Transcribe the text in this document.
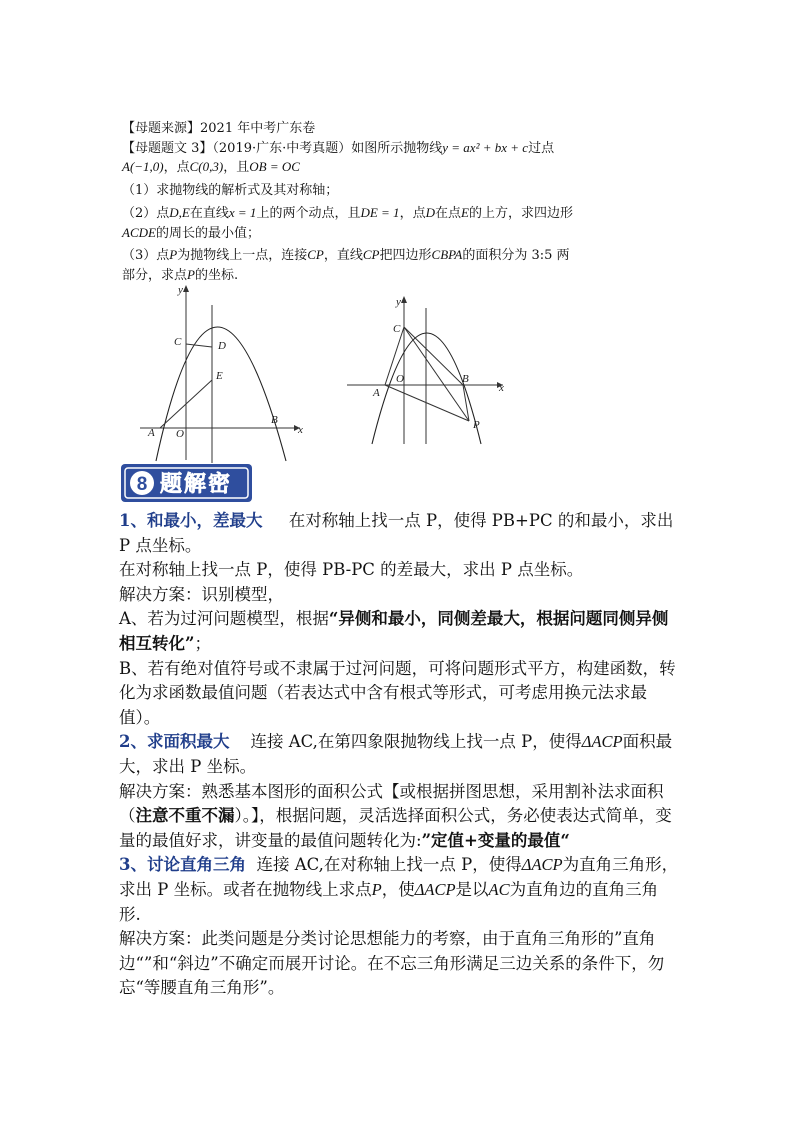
【母题来源】2021 年中考广东卷
【母题题文 3】（2019·广东·中考真题）如图所示抛物线y = ax² + bx + c过点
A(−1,0)，点C(0,3)，且OB = OC
（1）求抛物线的解析式及其对称轴；
（2）点D,E在直线x = 1上的两个动点，且DE = 1，点D在点E的上方，求四边形
ACDE的周长的最小值；
（3）点P为抛物线上一点，连接CP，直线CP把四边形CBPA的面积分为 3:5 两
部分，求点P的坐标.
y
C	D
E
A O
B
x
y
C
O	B
x
A
P
8 题解密

1、和最小，差最大 在对称轴上找一点 P，使得 PB+PC 的和最小，求出 P 点坐标。

在对称轴上找一点 P，使得 PB-PC 的差最大，求出 P 点坐标。

解决方案：识别模型，

A、若为过河问题模型，根据“异侧和最小，同侧差最大，根据问题同侧异侧相互转化”；

B、若有绝对值符号或不隶属于过河问题，可将问题形式平方，构建函数，转化为求函数最值问题（若表达式中含有根式等形式，可考虑用换元法求最值）。

2、求面积最大 连接 AC,在第四象限抛物线上找一点 P，使得ΔACP面积最大，求出 P 坐标。

解决方案：熟悉基本图形的面积公式【或根据拼图思想，采用割补法求面积（注意不重不漏）。】，根据问题，灵活选择面积公式，务必使表达式简单，变量的最值好求，讲变量的最值问题转化为:”定值+变量的最值“

3、讨论直角三角 连接 AC,在对称轴上找一点 P，使得ΔACP为直角三角形，求出 P 坐标。或者在抛物线上求点P，使ΔACP是以AC为直角边的直角三角形.

解决方案：此类问题是分类讨论思想能力的考察，由于直角三角形的”直角边“”和“斜边”不确定而展开讨论。在不忘三角形满足三边关系的条件下，勿忘“等腰直角三角形”。
